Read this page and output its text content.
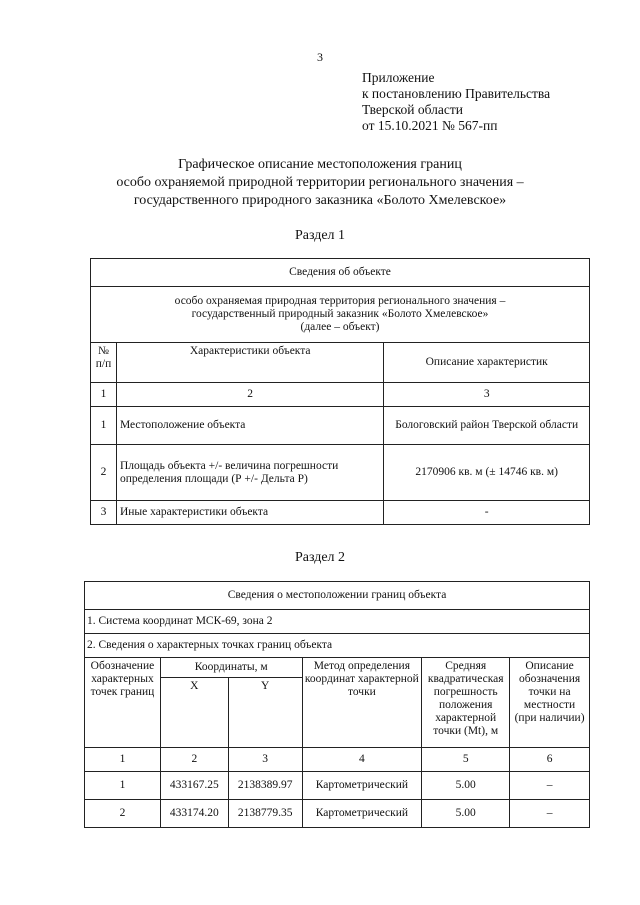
3
Приложение
к постановлению Правительства
Тверской области
от 15.10.2021 № 567-пп
Графическое описание местоположения границ
особо охраняемой природной территории регионального значения –
государственного природного заказника «Болото Хмелевское»
Раздел 1
Сведения об объекте		

особо охраняемая природная территория регионального значения –
государственный природный заказник «Болото Хмелевское»
(далее – объект)		

№ п/п	Характеристики объекта	Описание характеристик
1	2	3
1	Местоположение объекта	Бологовский район Тверской области
2	Площадь объекта +/- величина погрешности определения площади (Р +/- Дельта Р)	2170906 кв. м (± 14746 кв. м)
3	Иные характеристики объекта	-
Раздел 2
Сведения о местоположении границ объекта					
1. Система координат МСК-69, зона 2					
2. Сведения о характерных точках границ объекта					
Обозначение характерных точек границ	Координаты, м		Метод определения координат характерной точки	Средняя квадратическая погрешность положения характерной точки (Mt), м	Описание обозначения точки на местности (при наличии)
	X	Y			
1	2	3	4	5	6
1	433167.25	2138389.97	Картометрический	5.00	–
2	433174.20	2138779.35	Картометрический	5.00	–
